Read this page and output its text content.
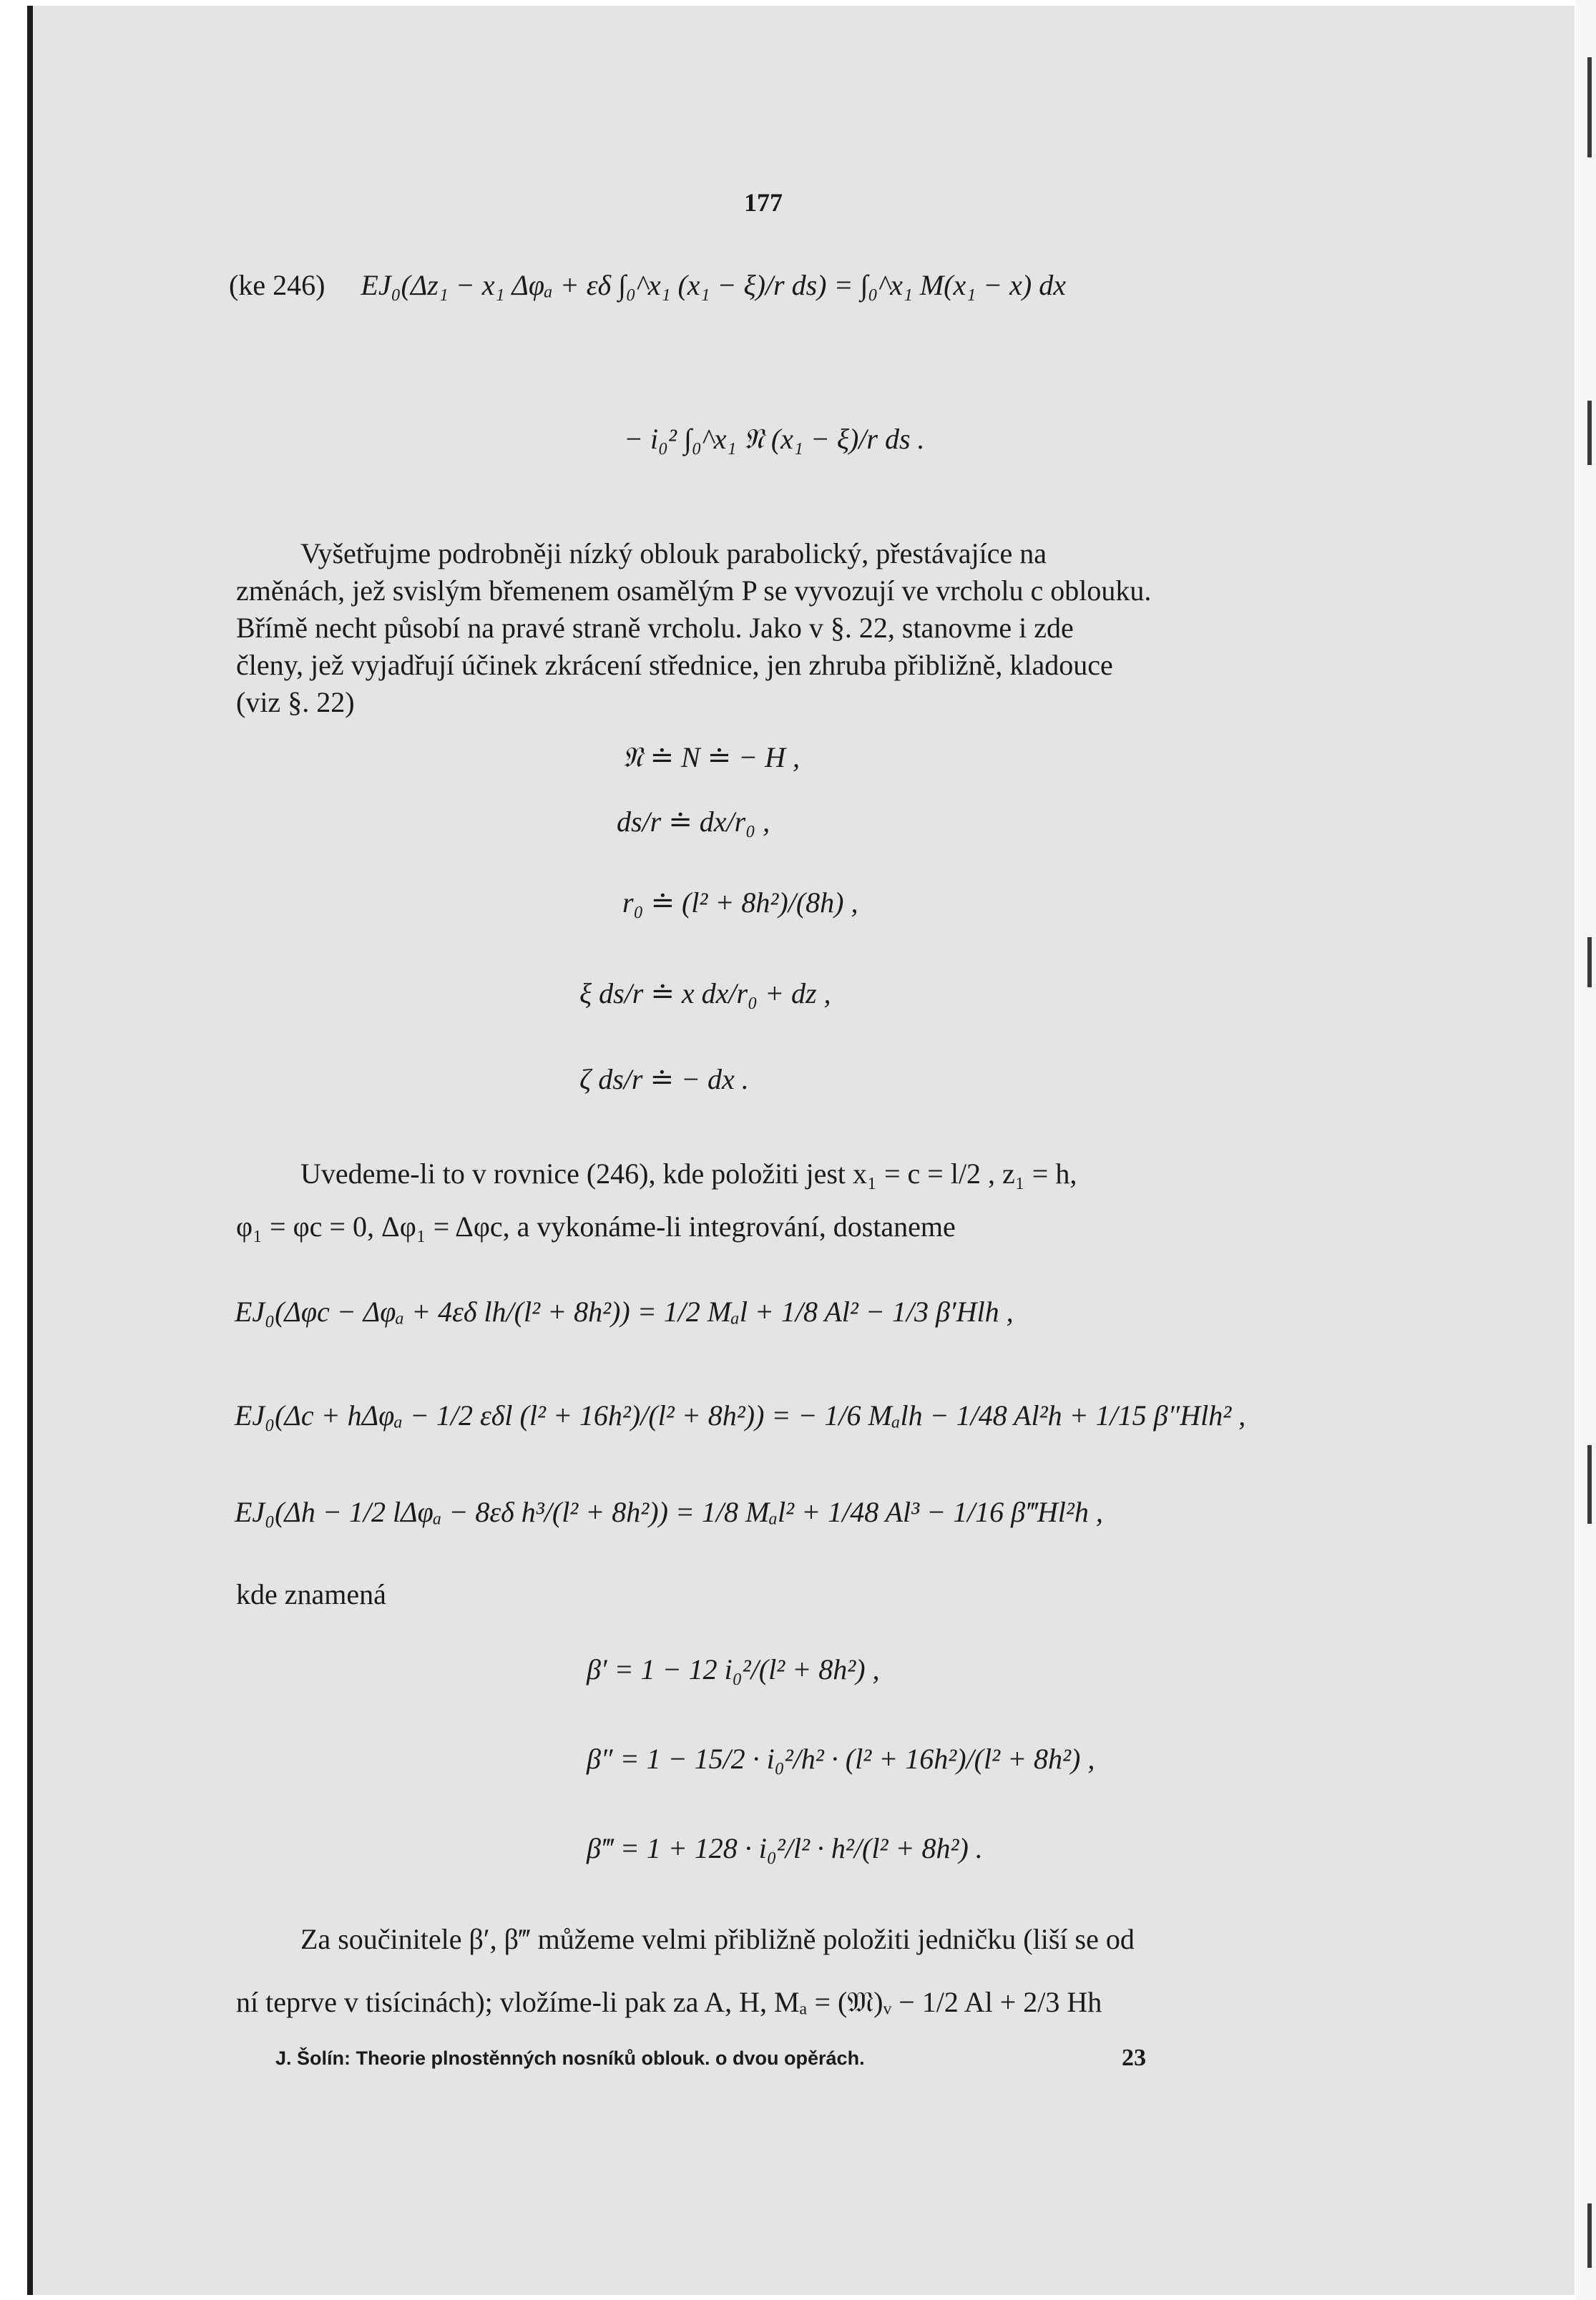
177
(ke 246) EJ₀(Δz₁ − x₁ Δφₐ + εδ ∫₀^x₁ (x₁ − ξ)/r ds) = ∫₀^x₁ M(x₁ − x) dx
− i₀² ∫₀^x₁ 𝔑 (x₁ − ξ)/r ds .
Vyšetřujme podrobněji nízký oblouk parabolický, přestávajíce na
změnách, jež svislým břemenem osamělým P se vyvozují ve vrcholu c oblouku.
Břímě necht působí na pravé straně vrcholu. Jako v §. 22, stanovme i zde
členy, jež vyjadřují účinek zkrácení střednice, jen zhruba přibližně, kladouce
(viz §. 22)
𝔑 ≐ N ≐ − H ,
ds/r ≐ dx/r₀ ,
r₀ ≐ (l² + 8h²)/(8h) ,
ξ ds/r ≐ x dx/r₀ + dz ,
ζ ds/r ≐ − dx .
Uvedeme-li to v rovnice (246), kde položiti jest x₁ = c = l/2 , z₁ = h,
φ₁ = φc = 0, Δφ₁ = Δφc, a vykonáme-li integrování, dostaneme
EJ₀(Δφc − Δφₐ + 4εδ lh/(l² + 8h²)) = 1/2 Mₐl + 1/8 Al² − 1/3 β′Hlh ,
EJ₀(Δc + hΔφₐ − 1/2 εδl (l² + 16h²)/(l² + 8h²)) = − 1/6 Mₐlh − 1/48 Al²h + 1/15 β″Hlh² ,
EJ₀(Δh − 1/2 lΔφₐ − 8εδ h³/(l² + 8h²)) = 1/8 Mₐl² + 1/48 Al³ − 1/16 β‴Hl²h ,
kde znamená
β′ = 1 − 12 i₀²/(l² + 8h²) ,
β″ = 1 − 15/2 · i₀²/h² · (l² + 16h²)/(l² + 8h²) ,
β‴ = 1 + 128 · i₀²/l² · h²/(l² + 8h²) .
Za součinitele β′, β‴ můžeme velmi přibližně položiti jedničku (liší se od
ní teprve v tisícinách); vložíme-li pak za A, H, Mₐ = (𝔐)ᵥ − 1/2 Al + 2/3 Hh
J. Šolín: Theorie plnostěnných nosníků oblouk. o dvou opěrách.	23
